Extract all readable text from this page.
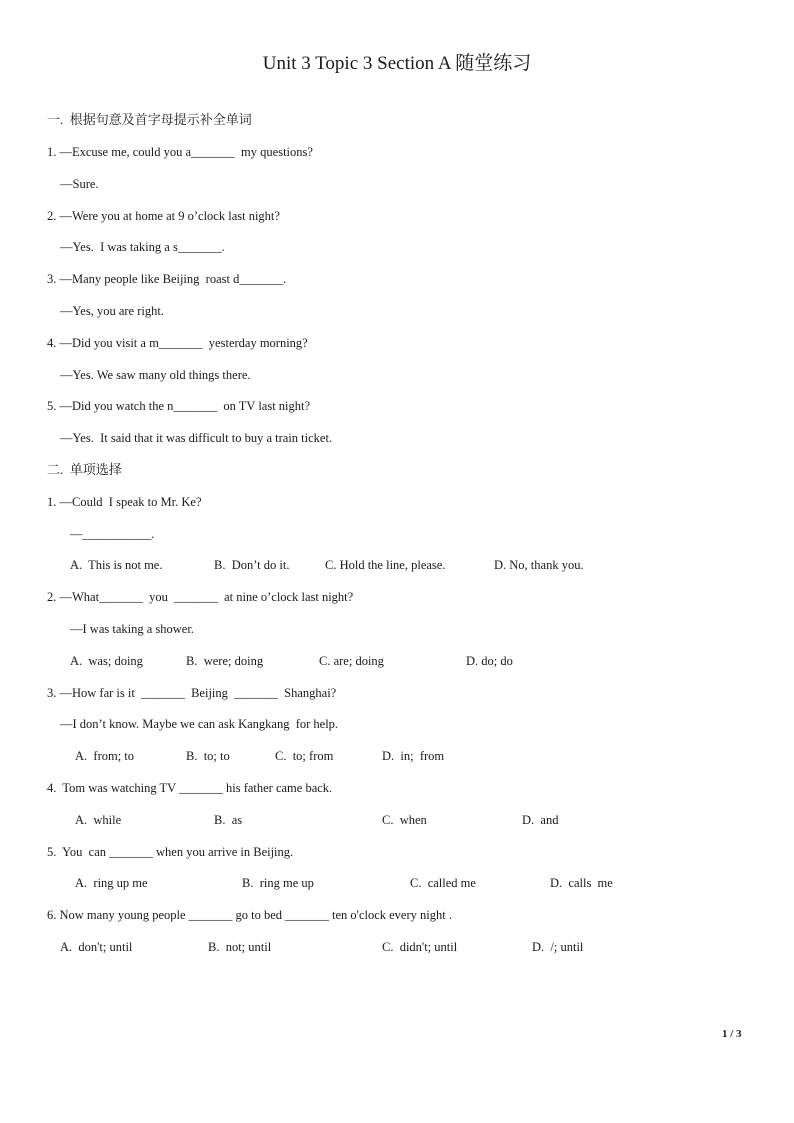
Unit 3 Topic 3 Section A 随堂练习
一.  根据句意及首字母提示补全单词
1. —Excuse me, could you a_______  my questions?
—Sure.
2. —Were you at home at 9 o’clock last night?
—Yes.  I was taking a s_______.
3. —Many people like Beijing  roast d_______.
—Yes, you are right.
4. —Did you visit a m_______  yesterday morning?
—Yes. We saw many old things there.
5. —Did you watch the n_______  on TV last night?
—Yes.  It said that it was difficult to buy a train ticket.
二.  单项选择
1. —Could  I speak to Mr. Ke?
—___________.
A.  This is not me.	B.  Don’t do it.	C. Hold the line, please.	D. No, thank you.
2. —What_______  you  _______  at nine o’clock last night?
—I was taking a shower.
A.  was; doing	B.  were; doing	C. are; doing	D. do; do
3. —How far is it  _______  Beijing  _______  Shanghai?
—I don’t know. Maybe we can ask Kangkang  for help.
A.  from; to	B.  to; to	C.  to; from	D.  in;  from
4.  Tom was watching TV _______ his father came back.
A.  while	B.  as	C.  when	D.  and
5.  You  can _______ when you arrive in Beijing.
A.  ring up me	B.  ring me up	C.  called me	D.  calls  me
6. Now many young people _______ go to bed _______ ten o'clock every night .
A.  don't; until	B.  not; until	C.  didn't; until	D.  /; until
1 / 3
